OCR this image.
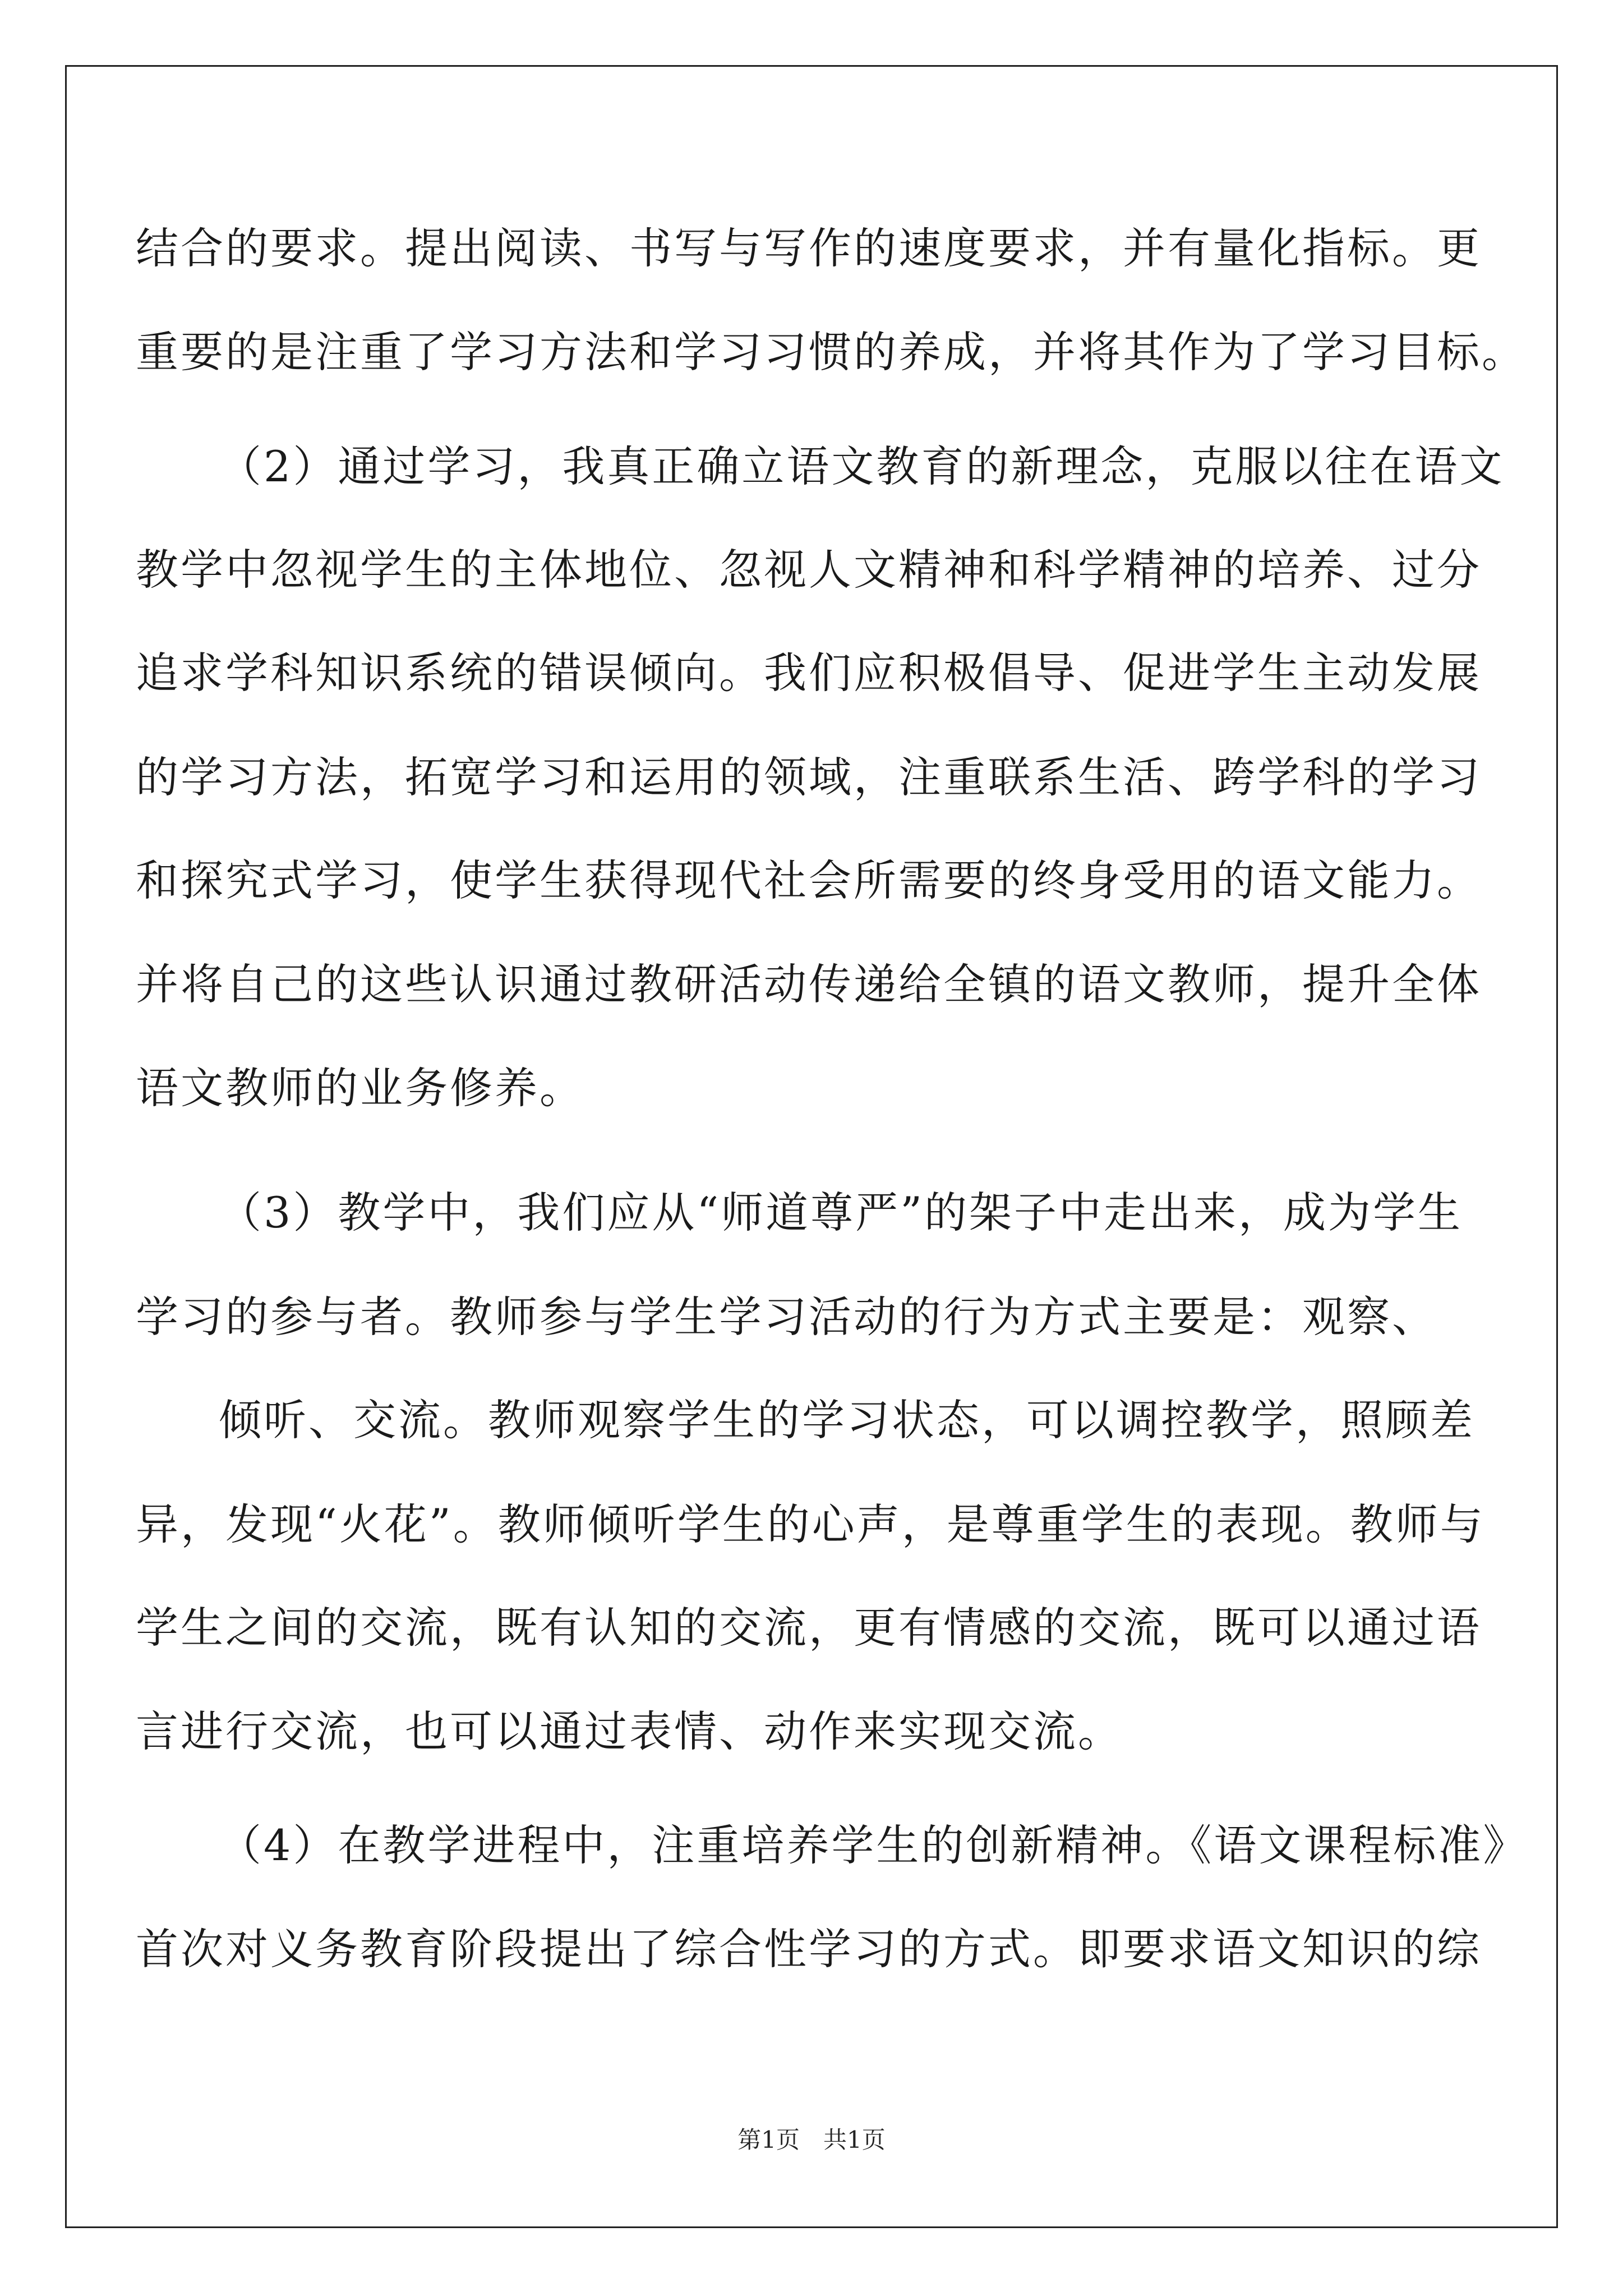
结合的要求。提出阅读、书写与写作的速度要求，并有量化指标。更
重要的是注重了学习方法和学习习惯的养成，并将其作为了学习目标。
（2）通过学习，我真正确立语文教育的新理念，克服以往在语文
教学中忽视学生的主体地位、忽视人文精神和科学精神的培养、过分
追求学科知识系统的错误倾向。我们应积极倡导、促进学生主动发展
的学习方法，拓宽学习和运用的领域，注重联系生活、跨学科的学习
和探究式学习，使学生获得现代社会所需要的终身受用的语文能力。
并将自己的这些认识通过教研活动传递给全镇的语文教师，提升全体
语文教师的业务修养。
（3）教学中，我们应从“师道尊严”的架子中走出来，成为学生
学习的参与者。教师参与学生学习活动的行为方式主要是：观察、
倾听、交流。教师观察学生的学习状态，可以调控教学，照顾差
异，发现“火花”。教师倾听学生的心声，是尊重学生的表现。教师与
学生之间的交流，既有认知的交流，更有情感的交流，既可以通过语
言进行交流，也可以通过表情、动作来实现交流。
（4）在教学进程中，注重培养学生的创新精神。《语文课程标准》
首次对义务教育阶段提出了综合性学习的方式。即要求语文知识的综
第1页　共1页
